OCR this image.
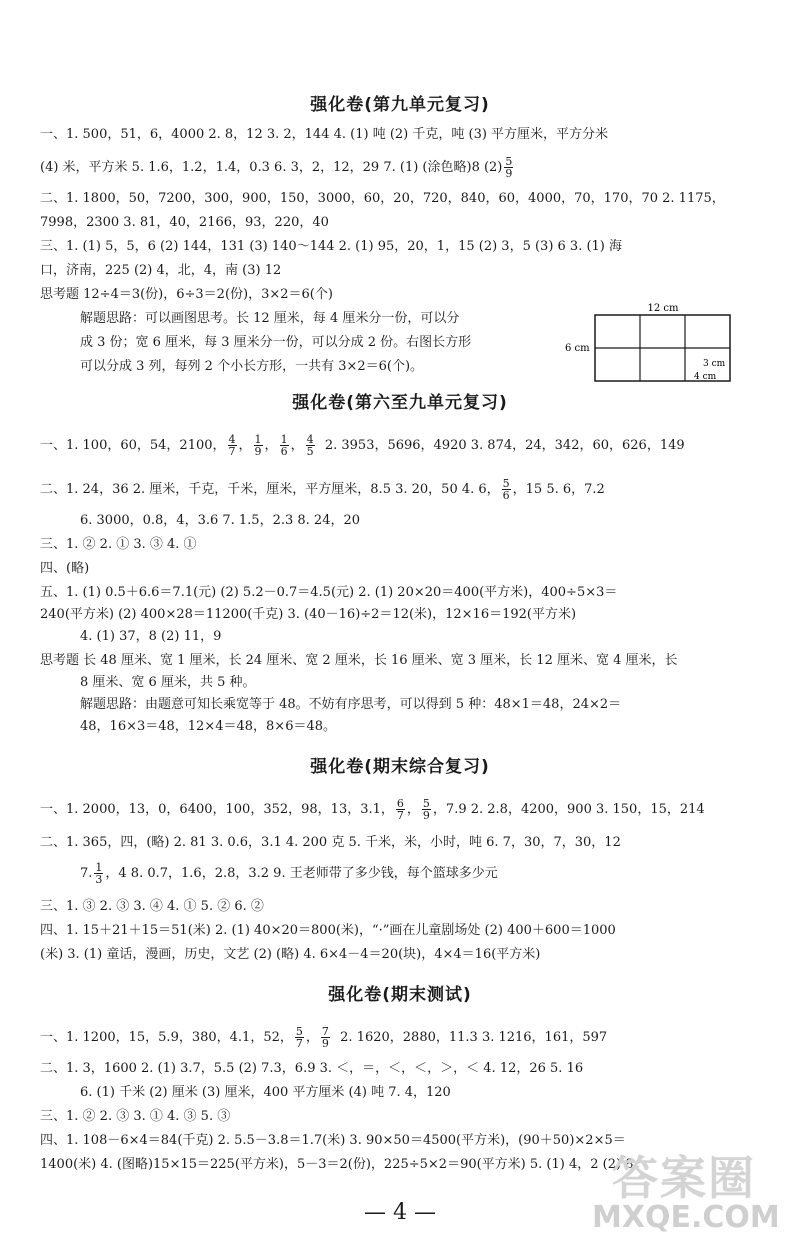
强化卷(第九单元复习)
一、1. 500，51，6，4000 2. 8，12 3. 2，144 4. (1) 吨 (2) 千克，吨 (3) 平方厘米，平方分米
(4) 米，平方米 5. 1.6，1.2，1.4，0.3 6. 3，2，12，29 7. (1) (涂色略)8 $(2) \frac{5}{9}$
二、1. 1800，50，7200，300，900，150，3000，60，20，720，840，60，4000，70，170，70 2. 1175，
7998，2300 3. 81，40，2166，93，220，40
三、1. (1) 5，5，6 (2) 144，131 (3) 140～144 2. (1) 95，20，1，15 (2) 3，5 (3) 6 3. (1) 海
口，济南，225 (2) 4，北，4，南 (3) 12
思考题 12÷4＝3(份)，6÷3＝2(份)，3×2＝6(个)
解题思路：可以画图思考。长 12 厘米，每 4 厘米分一份，可以分
成 3 份；宽 6 厘米，每 3 厘米分一份，可以分成 2 份。右图长方形
可以分成 3 列，每列 2 个小长方形，一共有 3×2＝6(个)。
12 cm
6 cm
3 cm
4 cm
强化卷(第六至九单元复习)
一、1. 100，60，54，2100， $\frac{4}{7}$ ， $\frac{1}{9}$ ， $\frac{1}{6}$ ， $\frac{4}{5} 2$. 3953，5696，4920 3. 874，24，342，60，626，149
二、1. 24，36 2. 厘米，千克，千米，厘米，平方厘米，8.5 3. 20，50 4. 6， $\frac{5}{6}$ ，15 5. 6，7.2
6. 3000，0.8，4，3.6 7. 1.5，2.3 8. 24，20
三、1. ② 2. ① 3. ③ 4. ①
四、(略)
五、1. (1) 0.5＋6.6＝7.1(元) (2) 5.2－0.7＝4.5(元) 2. (1) 20×20＝400(平方米)，400÷5×3＝
240(平方米) (2) 400×28＝11200(千克) 3. (40－16)÷2＝12(米)，12×16＝192(平方米)
4. (1) 37，8 (2) 11，9
思考题 长 48 厘米、宽 1 厘米，长 24 厘米、宽 2 厘米，长 16 厘米、宽 3 厘米，长 12 厘米、宽 4 厘米，长
8 厘米、宽 6 厘米，共 5 种。
解题思路：由题意可知长乘宽等于 48。不妨有序思考，可以得到 5 种：48×1＝48，24×2＝
48，16×3＝48，12×4＝48，8×6＝48。
强化卷(期末综合复习)
一、1. 2000，13，0，6400，100，352，98，13，3.1， $\frac{6}{7}$ ， $\frac{5}{9}$ ，7.9 2. 2.8，4200，900 3. 150，15，214
二、1. 365，四，(略) 2. 81 3. 0.6，3.1 4. 200 克 5. 千米，米，小时，吨 6. 7，30，7，30，12
7. $\frac{1}{3}$ ，4 8. 0.7，1.6，2.8，3.2 9. 王老师带了多少钱，每个篮球多少元
三、1. ③ 2. ③ 3. ④ 4. ① 5. ② 6. ②
四、1. 15＋21＋15＝51(米) 2. (1) 40×20＝800(米)，“·”画在儿童剧场处 (2) 400＋600＝1000
(米) 3. (1) 童话，漫画，历史，文艺 (2) (略) 4. 6×4－4＝20(块)，4×4＝16(平方米)
强化卷(期末测试)
一、1. 1200，15，5.9，380，4.1，52， $\frac{5}{7}$ ， $\frac{7}{9} 2$. 1620，2880，11.3 3. 1216，161，597
二、1. 3，1600 2. (1) 3.7，5.5 (2) 7.3，6.9 3. ＜，＝，＜，＜，＞，＜ 4. 12，26 5. 16
6. (1) 千米 (2) 厘米 (3) 厘米，400 平方厘米 (4) 吨 7. 4，120
三、1. ② 2. ③ 3. ① 4. ③ 5. ③
四、1. 108－6×4＝84(千克) 2. 5.5－3.8＝1.7(米) 3. 90×50＝4500(平方米)，(90＋50)×2×5＝
1400(米) 4. (图略)15×15＝225(平方米)，5－3＝2(份)，225÷5×2＝90(平方米) 5. (1) 4，2 (2) 8
— 4 —
答案圈
MXQE.COM
